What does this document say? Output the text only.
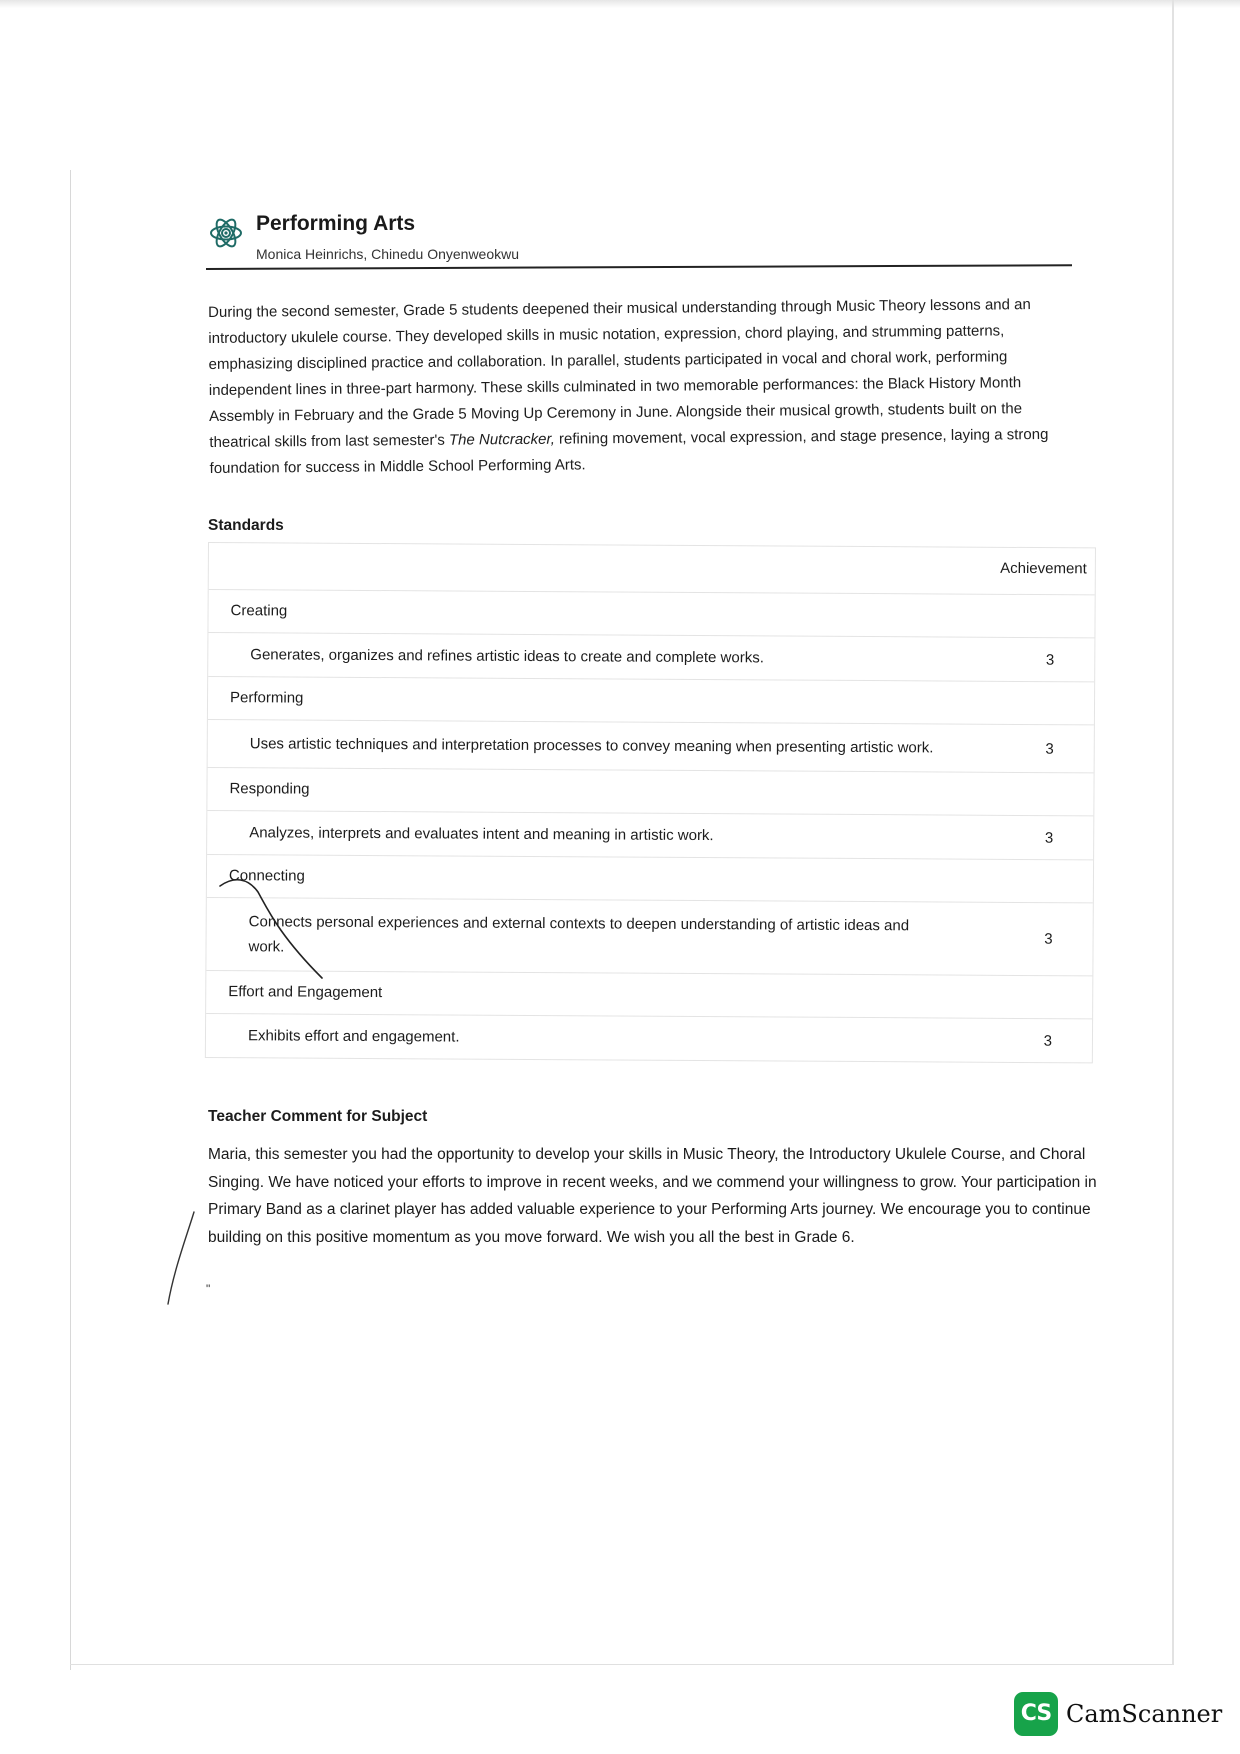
Performing Arts
Monica Heinrichs, Chinedu Onyenweokwu
During the second semester, Grade 5 students deepened their musical understanding through Music Theory lessons and an introductory ukulele course. They developed skills in music notation, expression, chord playing, and strumming patterns, emphasizing disciplined practice and collaboration. In parallel, students participated in vocal and choral work, performing independent lines in three-part harmony. These skills culminated in two memorable performances: the Black History Month Assembly in February and the Grade 5 Moving Up Ceremony in June. Alongside their musical growth, students built on the theatrical skills from last semester's The Nutcracker, refining movement, vocal expression, and stage presence, laying a strong foundation for success in Middle School Performing Arts.
Standards
Achievement
Creating
Generates, organizes and refines artistic ideas to create and complete works.	3
Performing
Uses artistic techniques and interpretation processes to convey meaning when presenting artistic work.	3
Responding
Analyzes, interprets and evaluates intent and meaning in artistic work.	3
Connecting
Connects personal experiences and external contexts to deepen understanding of artistic ideas and work.	3
Effort and Engagement
Exhibits effort and engagement.	3
Teacher Comment for Subject
Maria, this semester you had the opportunity to develop your skills in Music Theory, the Introductory Ukulele Course, and Choral Singing. We have noticed your efforts to improve in recent weeks, and we commend your willingness to grow. Your participation in Primary Band as a clarinet player has added valuable experience to your Performing Arts journey. We encourage you to continue building on this positive momentum as you move forward. We wish you all the best in Grade 6.
"
CS CamScanner
